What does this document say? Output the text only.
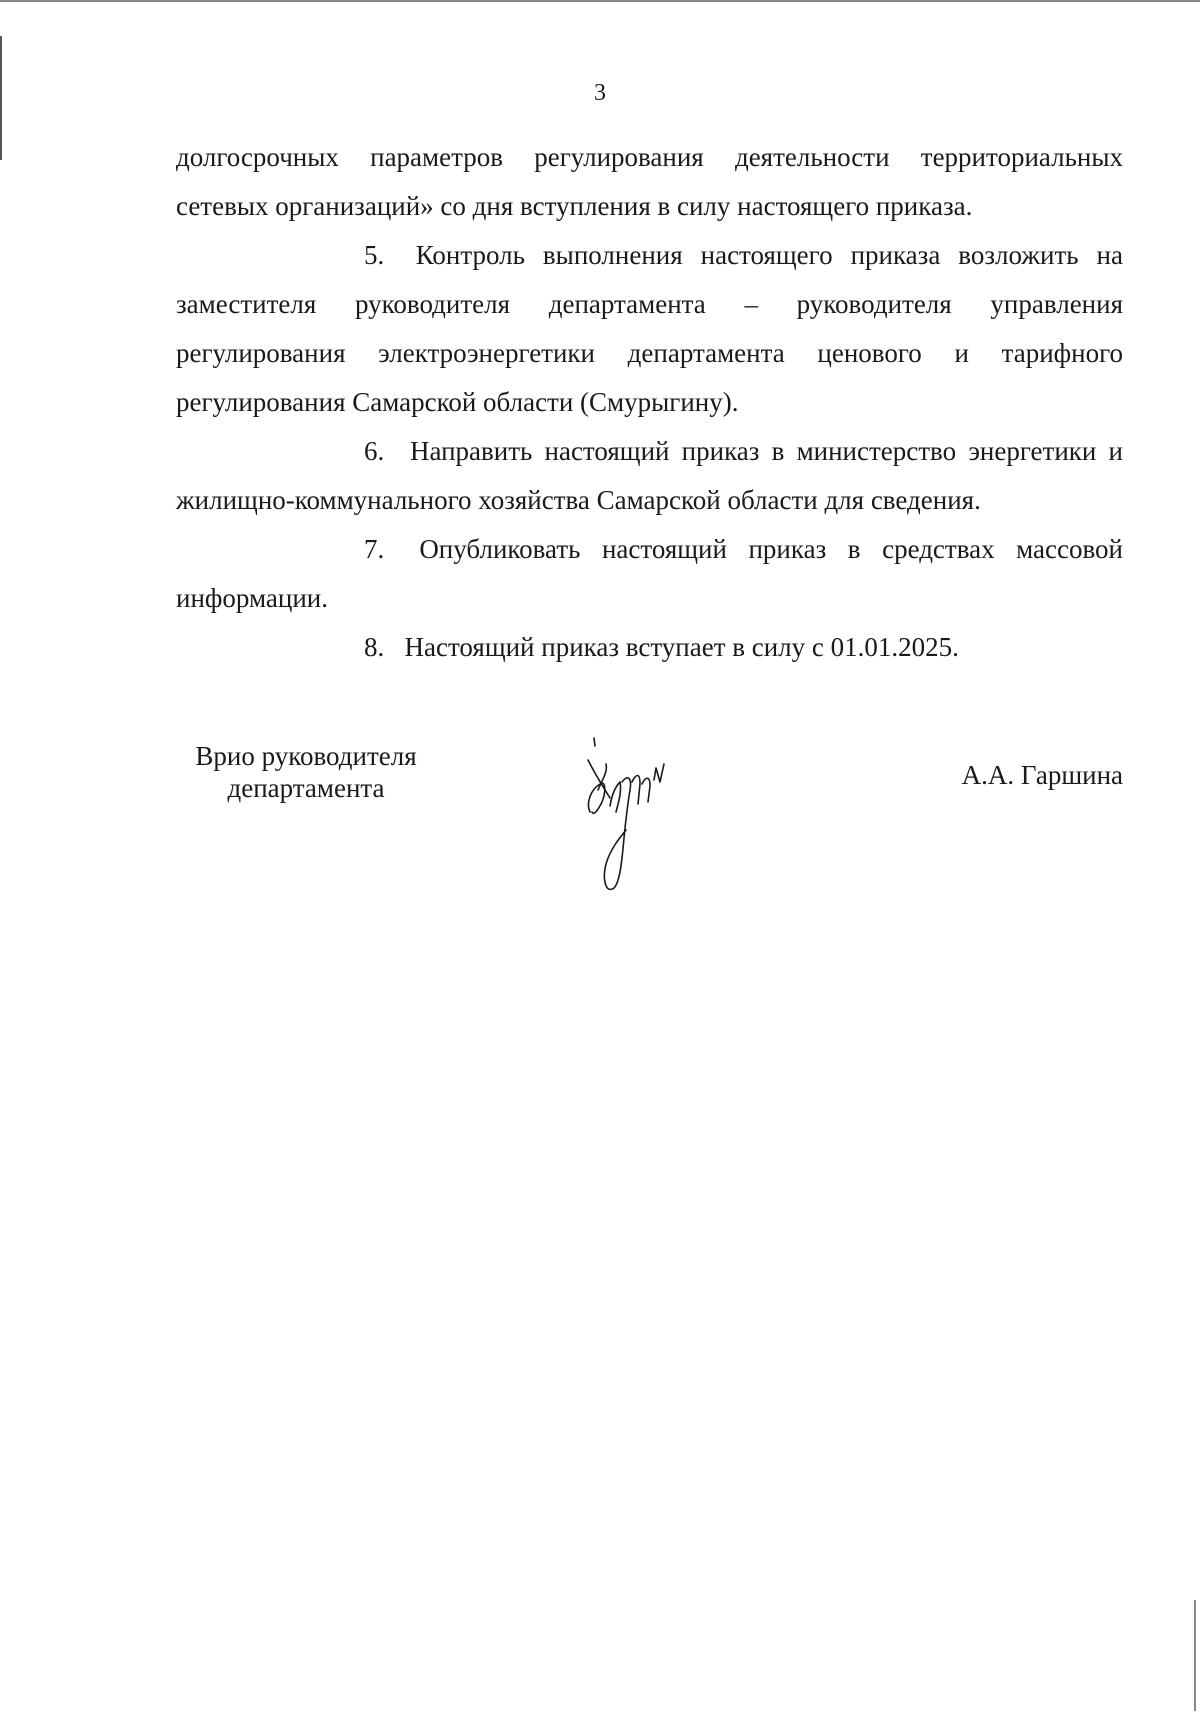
3

долгосрочных параметров регулирования деятельности территориальных сетевых организаций» со дня вступления в силу настоящего приказа.

5.   Контроль выполнения настоящего приказа возложить на заместителя руководителя департамента – руководителя управления регулирования электроэнергетики департамента ценового и тарифного регулирования Самарской области (Смурыгину).

6.   Направить настоящий приказ в министерство энергетики и жилищно-коммунального хозяйства Самарской области для сведения.

7.   Опубликовать настоящий приказ в средствах массовой информации.

8.   Настоящий приказ вступает в силу с 01.01.2025.

Врио руководителя
департамента	А.А. Гаршина
